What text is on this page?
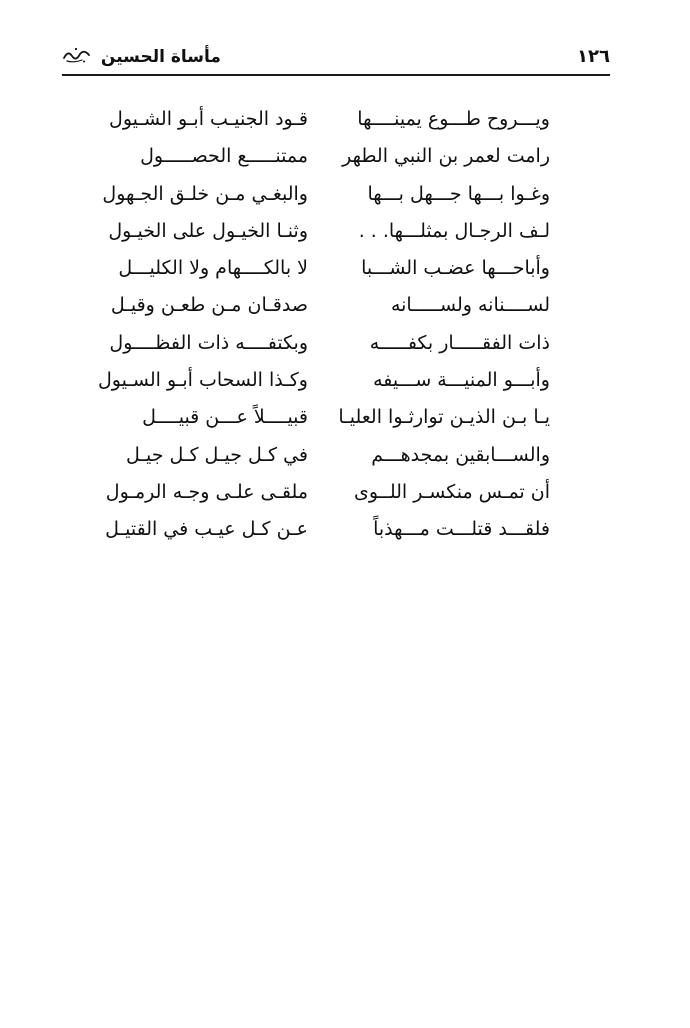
١٢٦
مأساة الحسين
ويـــروح طـــوع يمينــــها
قـود الجنيـب أبـو الشـيول
رامت لعمر بن النبي الطهر
ممتنـــــع الحصـــــول
وغـوا بـــها جـــهل بـــها
والبغـي مـن خلـق الجـهول
لـف الرجـال بمثلـــها. . .
وثنـا الخيـول على الخيـول
وأباحـــها عضـب الشـــبا
لا بالكــــهام ولا الكليـــل
لســــنانه ولســـــانه
صدقـان مـن طعـن وقيـل
ذات الفقـــــار بكفـــــه
وبكتفــــه ذات الفظــــول
وأبـــو المنيـــة ســـيفه
وكـذا السحاب أبـو السـيول
يـا بـن الذيـن توارثـوا العليـا
قبيــــلاً عـــن قبيــــل
والســـابقين بمجدهـــم
في كـل جيـل كـل جيـل
أن تمـس منكسـر اللــوى
ملقـى علـى وجـه الرمـول
فلقـــد قتلـــت مـــهذباً
عـن كـل عيـب في القتيـل
